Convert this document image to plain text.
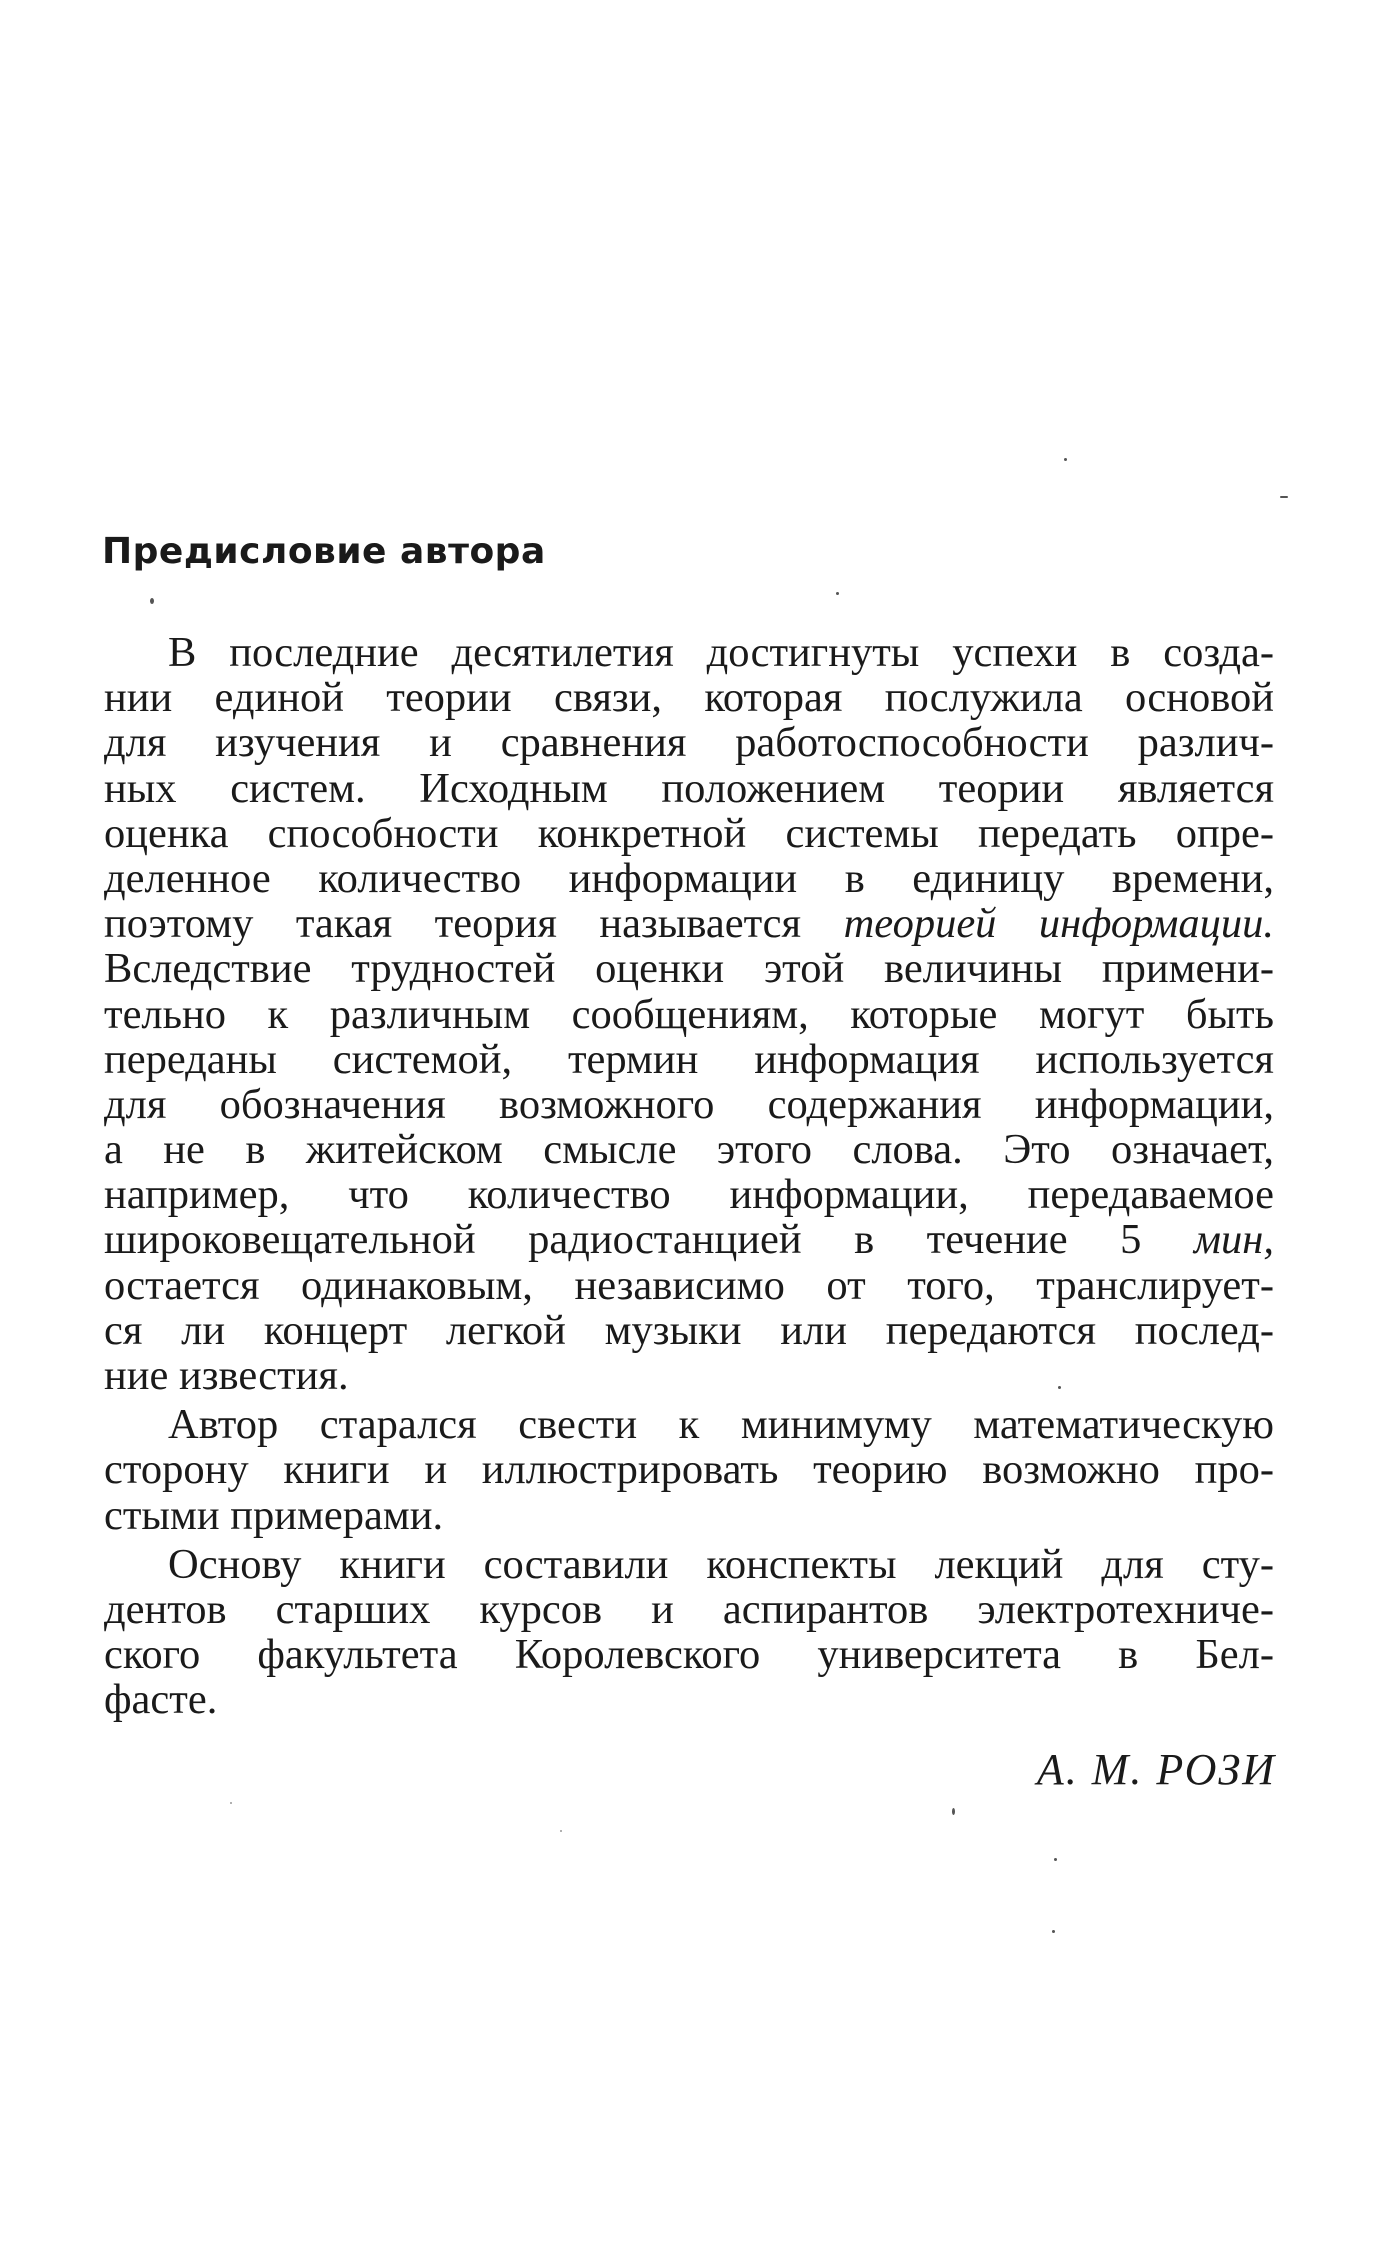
Предисловие автора
В последние десятилетия достигнуты успехи в созда-
нии единой теории связи, которая послужила основой
для изучения и сравнения работоспособности различ-
ных систем. Исходным положением теории является
оценка способности конкретной системы передать опре-
деленное количество информации в единицу времени,
поэтому такая теория называется теорией информации.
Вследствие трудностей оценки этой величины примени-
тельно к различным сообщениям, которые могут быть
переданы системой, термин информация используется
для обозначения возможного содержания информации,
а не в житейском смысле этого слова. Это означает,
например, что количество информации, передаваемое
широковещательной радиостанцией в течение 5 мин,
остается одинаковым, независимо от того, транслирует-
ся ли концерт легкой музыки или передаются послед-
ние известия.
Автор старался свести к минимуму математическую
сторону книги и иллюстрировать теорию возможно про-
стыми примерами.
Основу книги составили конспекты лекций для сту-
дентов старших курсов и аспирантов электротехниче-
ского факультета Королевского университета в Бел-
фасте.
А. М. РОЗИ
